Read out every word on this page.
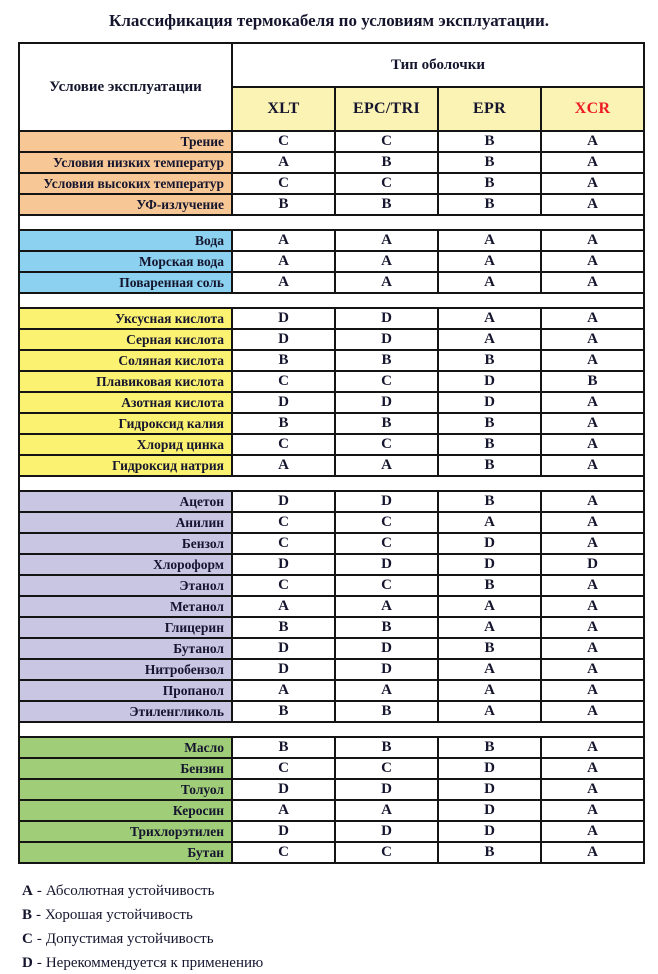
Классификация термокабеля по условиям эксплуатации.
Условие эксплуатации	Тип оболочки			
	XLT	EPC/TRI	EPR	XCR
Трение	C	C	B	A
Условия низких температур	A	B	B	A
Условия высоких температур	C	C	B	A
УФ-излучение	B	B	B	A

Вода	A	A	A	A
Морская вода	A	A	A	A
Поваренная соль	A	A	A	A

Уксусная кислота	D	D	A	A
Серная кислота	D	D	A	A
Соляная кислота	B	B	B	A
Плавиковая кислота	C	C	D	B
Азотная кислота	D	D	D	A
Гидроксид калия	B	B	B	A
Хлорид цинка	C	C	B	A
Гидроксид натрия	A	A	B	A

Ацетон	D	D	B	A
Анилин	C	C	A	A
Бензол	C	C	D	A
Хлороформ	D	D	D	D
Этанол	C	C	B	A
Метанол	A	A	A	A
Глицерин	B	B	A	A
Бутанол	D	D	B	A
Нитробензол	D	D	A	A
Пропанол	A	A	A	A
Этиленгликоль	B	B	A	A

Масло	B	B	B	A
Бензин	C	C	D	A
Толуол	D	D	D	A
Керосин	A	A	D	A
Трихлорэтилен	D	D	D	A
Бутан	C	C	B	A
A - Абсолютная устойчивость
B - Хорошая устойчивость
C - Допустимая устойчивость
D - Нерекоммендуется к применению
